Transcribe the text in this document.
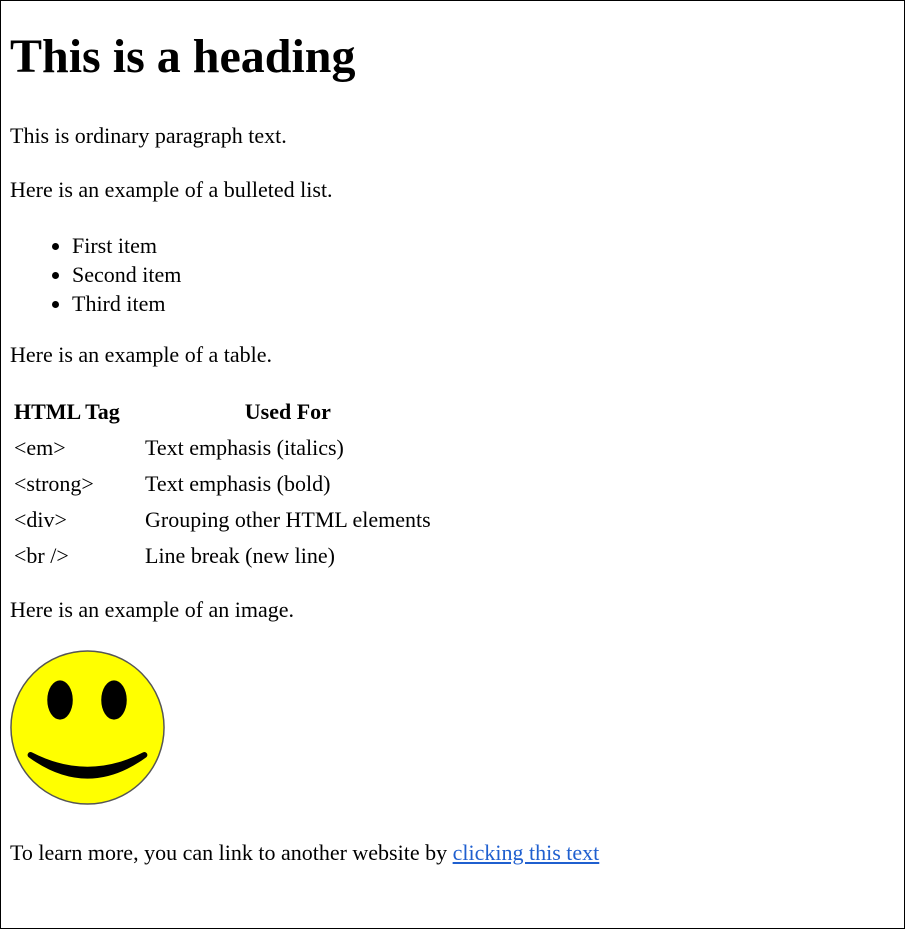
This is a heading

This is ordinary paragraph text.

Here is an example of a bulleted list.

• First item
• Second item
• Third item

Here is an example of a table.

HTML Tag	Used For
<em>	Text emphasis (italics)
<strong>	Text emphasis (bold)
<div>	Grouping other HTML elements
<br />	Line break (new line)

Here is an example of an image.

To learn more, you can link to another website by clicking this text
